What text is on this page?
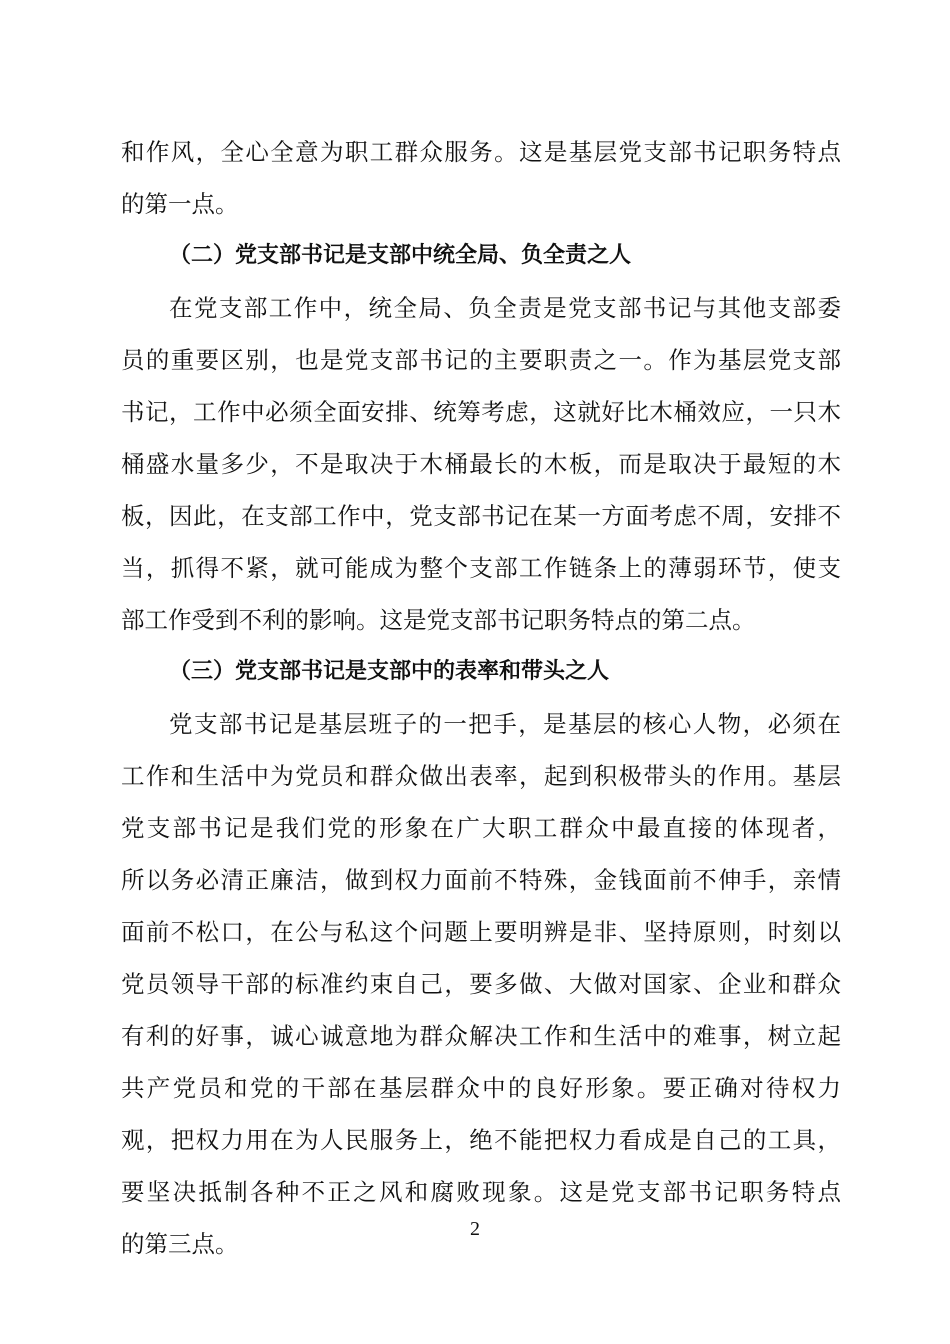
和作风，全心全意为职工群众服务。这是基层党支部书记职务特点
的第一点。
（二）党支部书记是支部中统全局、负全责之人
在党支部工作中，统全局、负全责是党支部书记与其他支部委
员的重要区别，也是党支部书记的主要职责之一。作为基层党支部
书记，工作中必须全面安排、统筹考虑，这就好比木桶效应，一只木
桶盛水量多少，不是取决于木桶最长的木板，而是取决于最短的木
板，因此，在支部工作中，党支部书记在某一方面考虑不周，安排不
当，抓得不紧，就可能成为整个支部工作链条上的薄弱环节，使支
部工作受到不利的影响。这是党支部书记职务特点的第二点。
（三）党支部书记是支部中的表率和带头之人
党支部书记是基层班子的一把手，是基层的核心人物，必须在
工作和生活中为党员和群众做出表率，起到积极带头的作用。基层
党支部书记是我们党的形象在广大职工群众中最直接的体现者，
所以务必清正廉洁，做到权力面前不特殊，金钱面前不伸手，亲情
面前不松口，在公与私这个问题上要明辨是非、坚持原则，时刻以
党员领导干部的标准约束自己，要多做、大做对国家、企业和群众
有利的好事，诚心诚意地为群众解决工作和生活中的难事，树立起
共产党员和党的干部在基层群众中的良好形象。要正确对待权力
观，把权力用在为人民服务上，绝不能把权力看成是自己的工具，
要坚决抵制各种不正之风和腐败现象。这是党支部书记职务特点
的第三点。
2
